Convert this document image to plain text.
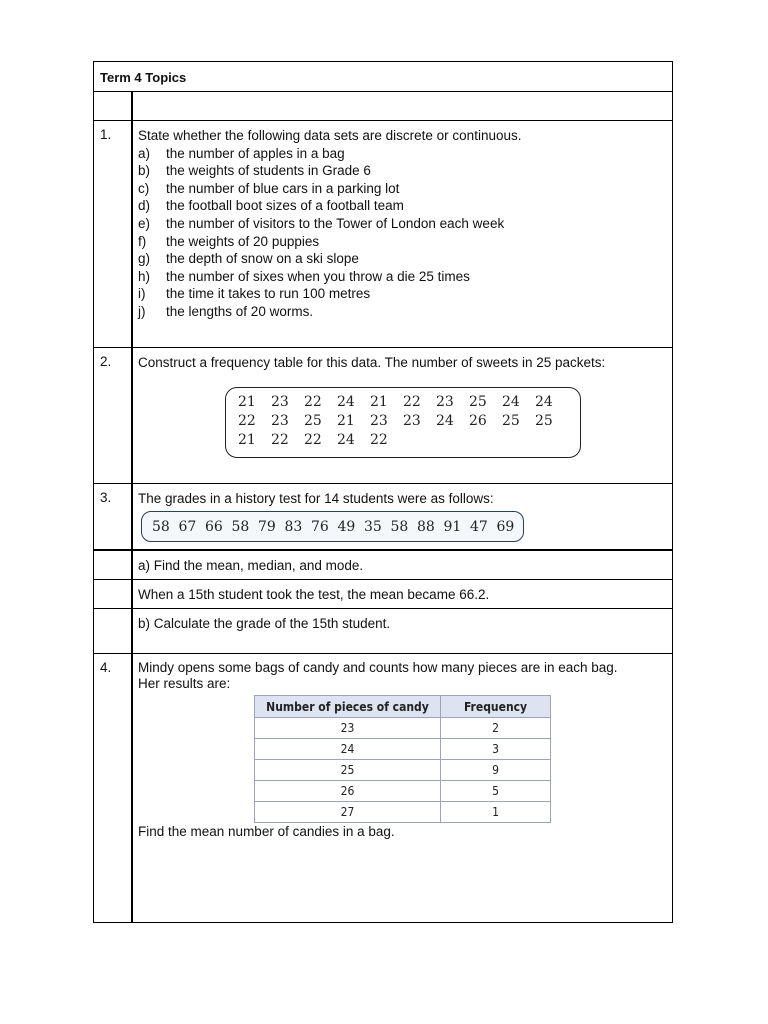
Term 4 Topics
1. State whether the following data sets are discrete or continuous.
a)	the number of apples in a bag
b)	the weights of students in Grade 6
c)	the number of blue cars in a parking lot
d)	the football boot sizes of a football team
e)	the number of visitors to the Tower of London each week
f)	the weights of 20 puppies
g)	the depth of snow on a ski slope
h)	the number of sixes when you throw a die 25 times
i)	the time it takes to run 100 metres
j)	the lengths of 20 worms.
2. Construct a frequency table for this data. The number of sweets in 25 packets:
21	23	22	24	21	22	23	25	24	24
22	23	25	21	23	23	24	26	25	25
21	22	22	24	22
3. The grades in a history test for 14 students were as follows:
58 67 66 58 79 83 76 49 35 58 88 91 47 69
a) Find the mean, median, and mode.
When a 15th student took the test, the mean became 66.2.
b) Calculate the grade of the 15th student.
4. Mindy opens some bags of candy and counts how many pieces are in each bag.
Her results are:
Number of pieces of candy	Frequency
23	2
24	3
25	9
26	5
27	1
Find the mean number of candies in a bag.
